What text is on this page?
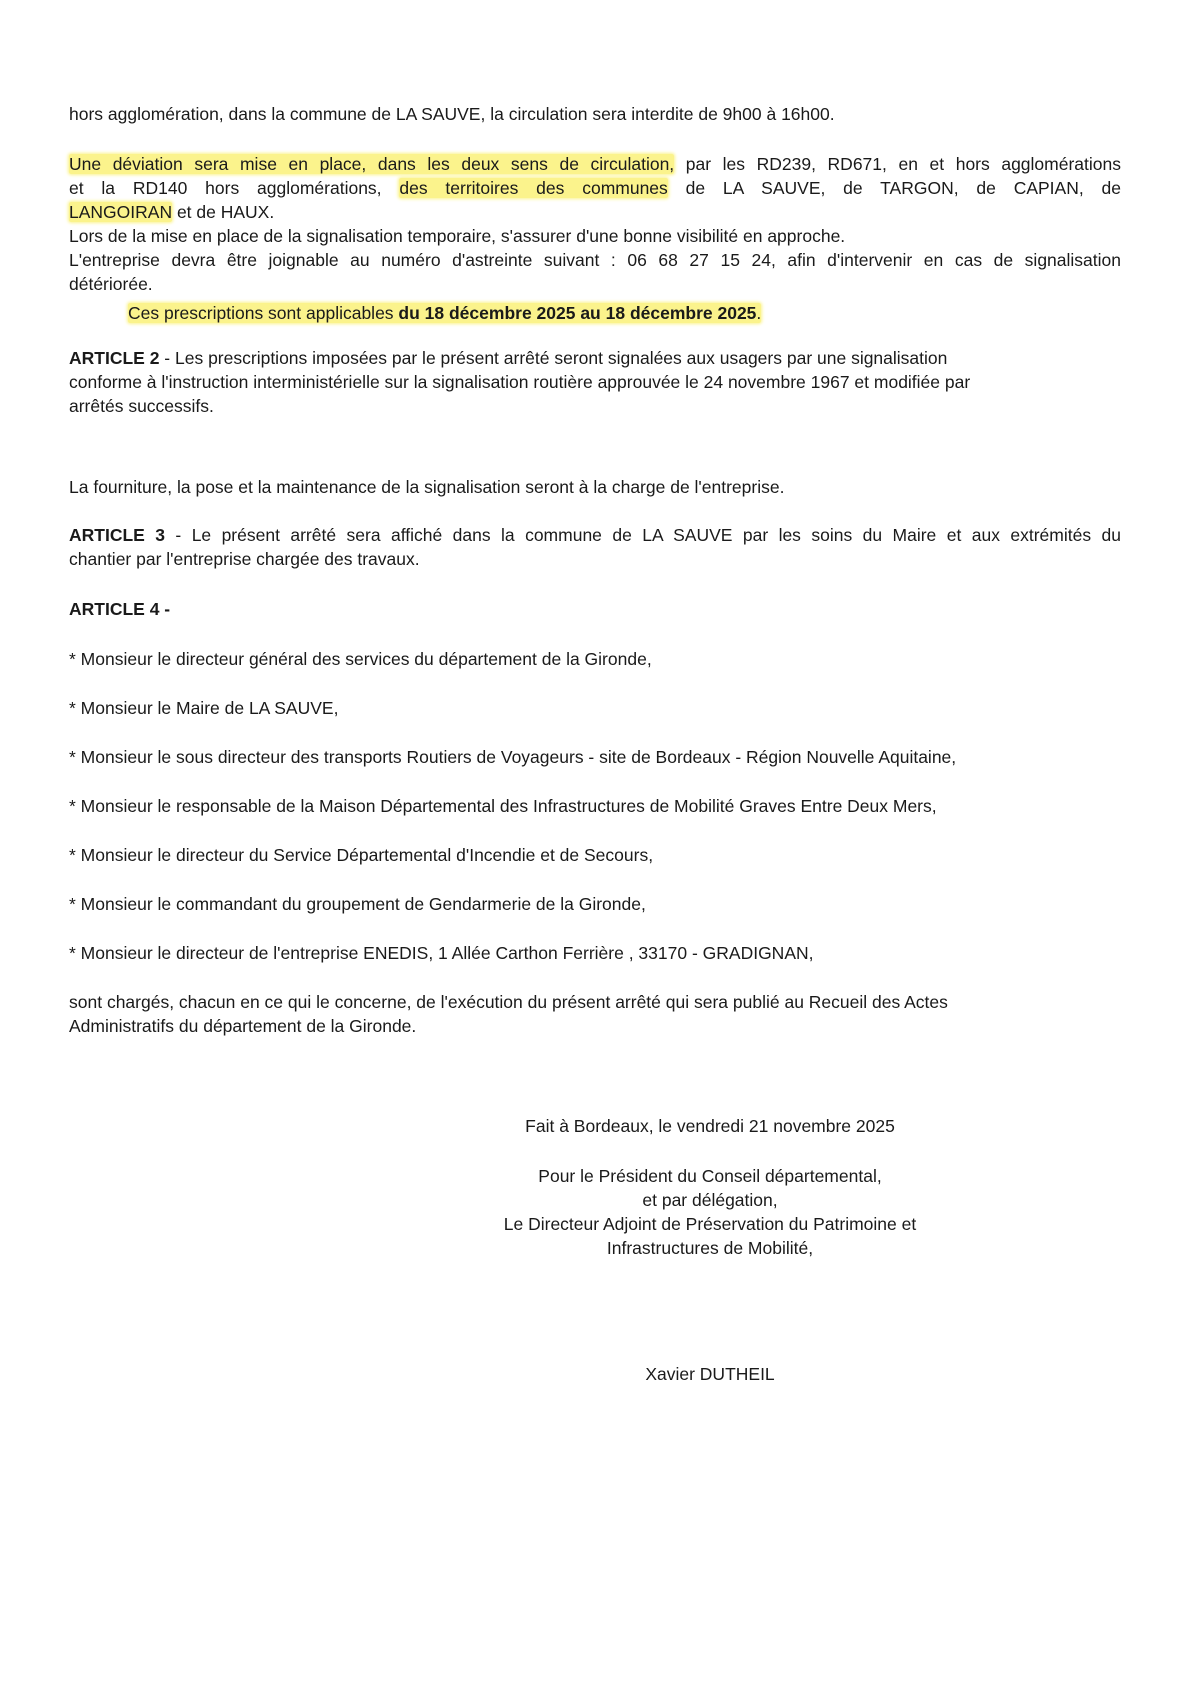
hors agglomération, dans la commune de LA SAUVE, la circulation sera interdite de 9h00 à 16h00.

Une déviation sera mise en place, dans les deux sens de circulation, par les RD239, RD671, en et hors agglomérations
et la RD140 hors agglomérations, des territoires des communes de LA SAUVE, de TARGON, de CAPIAN, de
LANGOIRAN et de HAUX.
Lors de la mise en place de la signalisation temporaire, s'assurer d'une bonne visibilité en approche.
L'entreprise devra être joignable au numéro d'astreinte suivant : 06 68 27 15 24, afin d'intervenir en cas de signalisation
détériorée.

Ces prescriptions sont applicables du 18 décembre 2025 au 18 décembre 2025.

ARTICLE 2 - Les prescriptions imposées par le présent arrêté seront signalées aux usagers par une signalisation
conforme à l'instruction interministérielle sur la signalisation routière approuvée le 24 novembre 1967 et modifiée par
arrêtés successifs.

La fourniture, la pose et la maintenance de la signalisation seront à la charge de l'entreprise.

ARTICLE 3 - Le présent arrêté sera affiché dans la commune de LA SAUVE par les soins du Maire et aux extrémités du
chantier par l'entreprise chargée des travaux.

ARTICLE 4 -

* Monsieur le directeur général des services du département de la Gironde,

* Monsieur le Maire de LA SAUVE,

* Monsieur le sous directeur des transports Routiers de Voyageurs - site de Bordeaux - Région Nouvelle Aquitaine,

* Monsieur le responsable de la Maison Départemental des Infrastructures de Mobilité Graves Entre Deux Mers,

* Monsieur le directeur du Service Départemental d'Incendie et de Secours,

* Monsieur le commandant du groupement de Gendarmerie de la Gironde,

* Monsieur le directeur de l'entreprise ENEDIS, 1 Allée Carthon Ferrière , 33170 - GRADIGNAN,

sont chargés, chacun en ce qui le concerne, de l'exécution du présent arrêté qui sera publié au Recueil des Actes
Administratifs du département de la Gironde.

Fait à Bordeaux, le vendredi 21 novembre 2025

Pour le Président du Conseil départemental,
et par délégation,
Le Directeur Adjoint de Préservation du Patrimoine et
Infrastructures de Mobilité,

Xavier DUTHEIL
